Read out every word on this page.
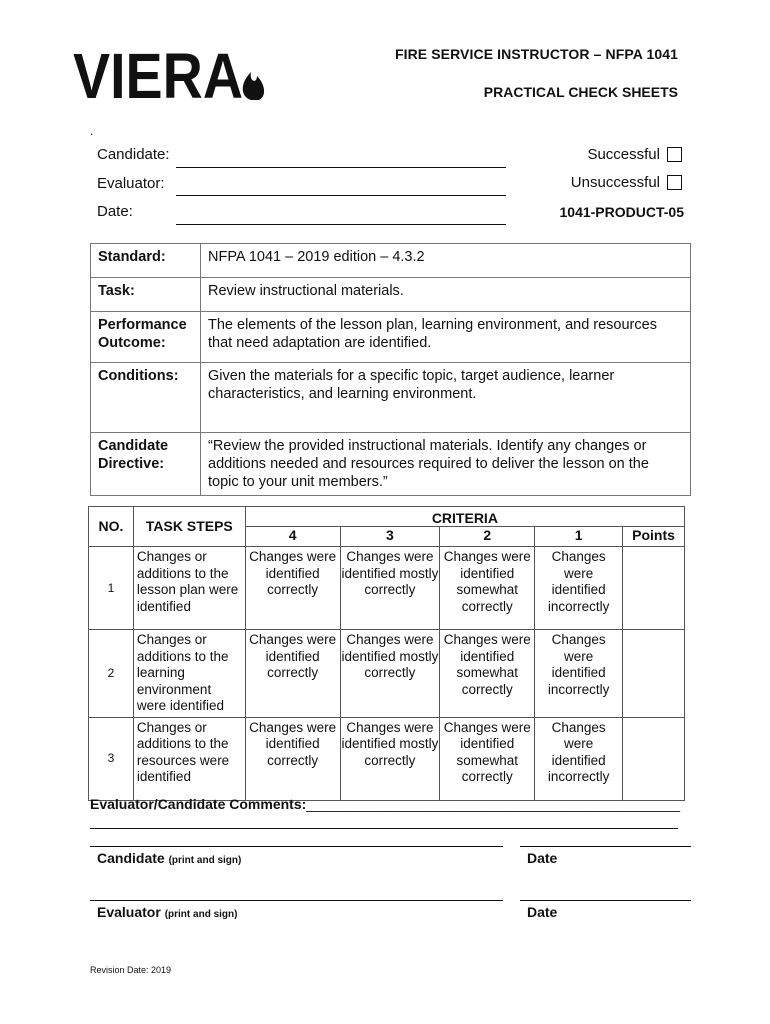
VIERA	FIRE SERVICE INSTRUCTOR – NFPA 1041
PRACTICAL CHECK SHEETS
.
Candidate:
Evaluator:
Date:
Successful
Unsuccessful
1041-PRODUCT-05
Standard:	NFPA 1041 – 2019 edition – 4.3.2
Task:	Review instructional materials.
Performance Outcome:	The elements of the lesson plan, learning environment, and resources that need adaptation are identified.
Conditions:	Given the materials for a specific topic, target audience, learner characteristics, and learning environment.
Candidate Directive:	“Review the provided instructional materials. Identify any changes or additions needed and resources required to deliver the lesson on the topic to your unit members.”
NO.	TASK STEPS	CRITERIA				
		4	3	2	1	Points
1	Changes or additions to the lesson plan were identified	Changes were identified correctly	Changes were identified mostly correctly	Changes were identified somewhat correctly	Changes were identified incorrectly	
2	Changes or additions to the learning environment were identified	Changes were identified correctly	Changes were identified mostly correctly	Changes were identified somewhat correctly	Changes were identified incorrectly	
3	Changes or additions to the resources were identified	Changes were identified correctly	Changes were identified mostly correctly	Changes were identified somewhat correctly	Changes were identified incorrectly	
Evaluator/Candidate Comments:________________________________________________
Candidate (print and sign)	Date
Evaluator (print and sign)	Date
Revision Date: 2019
